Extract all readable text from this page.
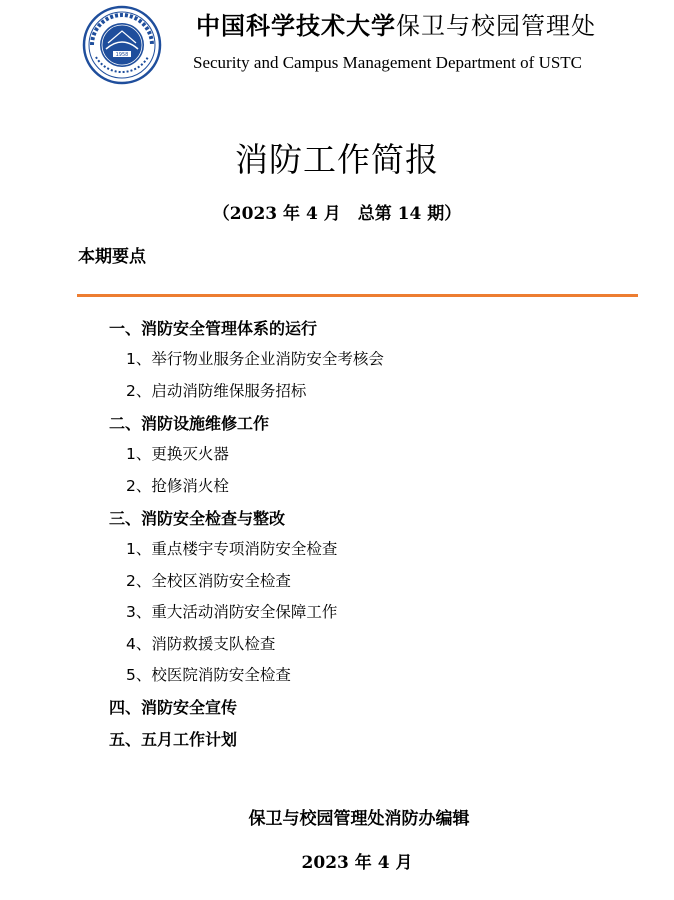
1958
中国科学技术大学保卫与校园管理处
Security and Campus Management Department of USTC
消防工作简报
（2023 年 4 月　总第 14 期）
本期要点
一、消防安全管理体系的运行
1、举行物业服务企业消防安全考核会
2、启动消防维保服务招标
二、消防设施维修工作
1、更换灭火器
2、抢修消火栓
三、消防安全检查与整改
1、重点楼宇专项消防安全检查
2、全校区消防安全检查
3、重大活动消防安全保障工作
4、消防救援支队检查
5、校医院消防安全检查
四、消防安全宣传
五、五月工作计划
保卫与校园管理处消防办编辑
2023 年 4 月
